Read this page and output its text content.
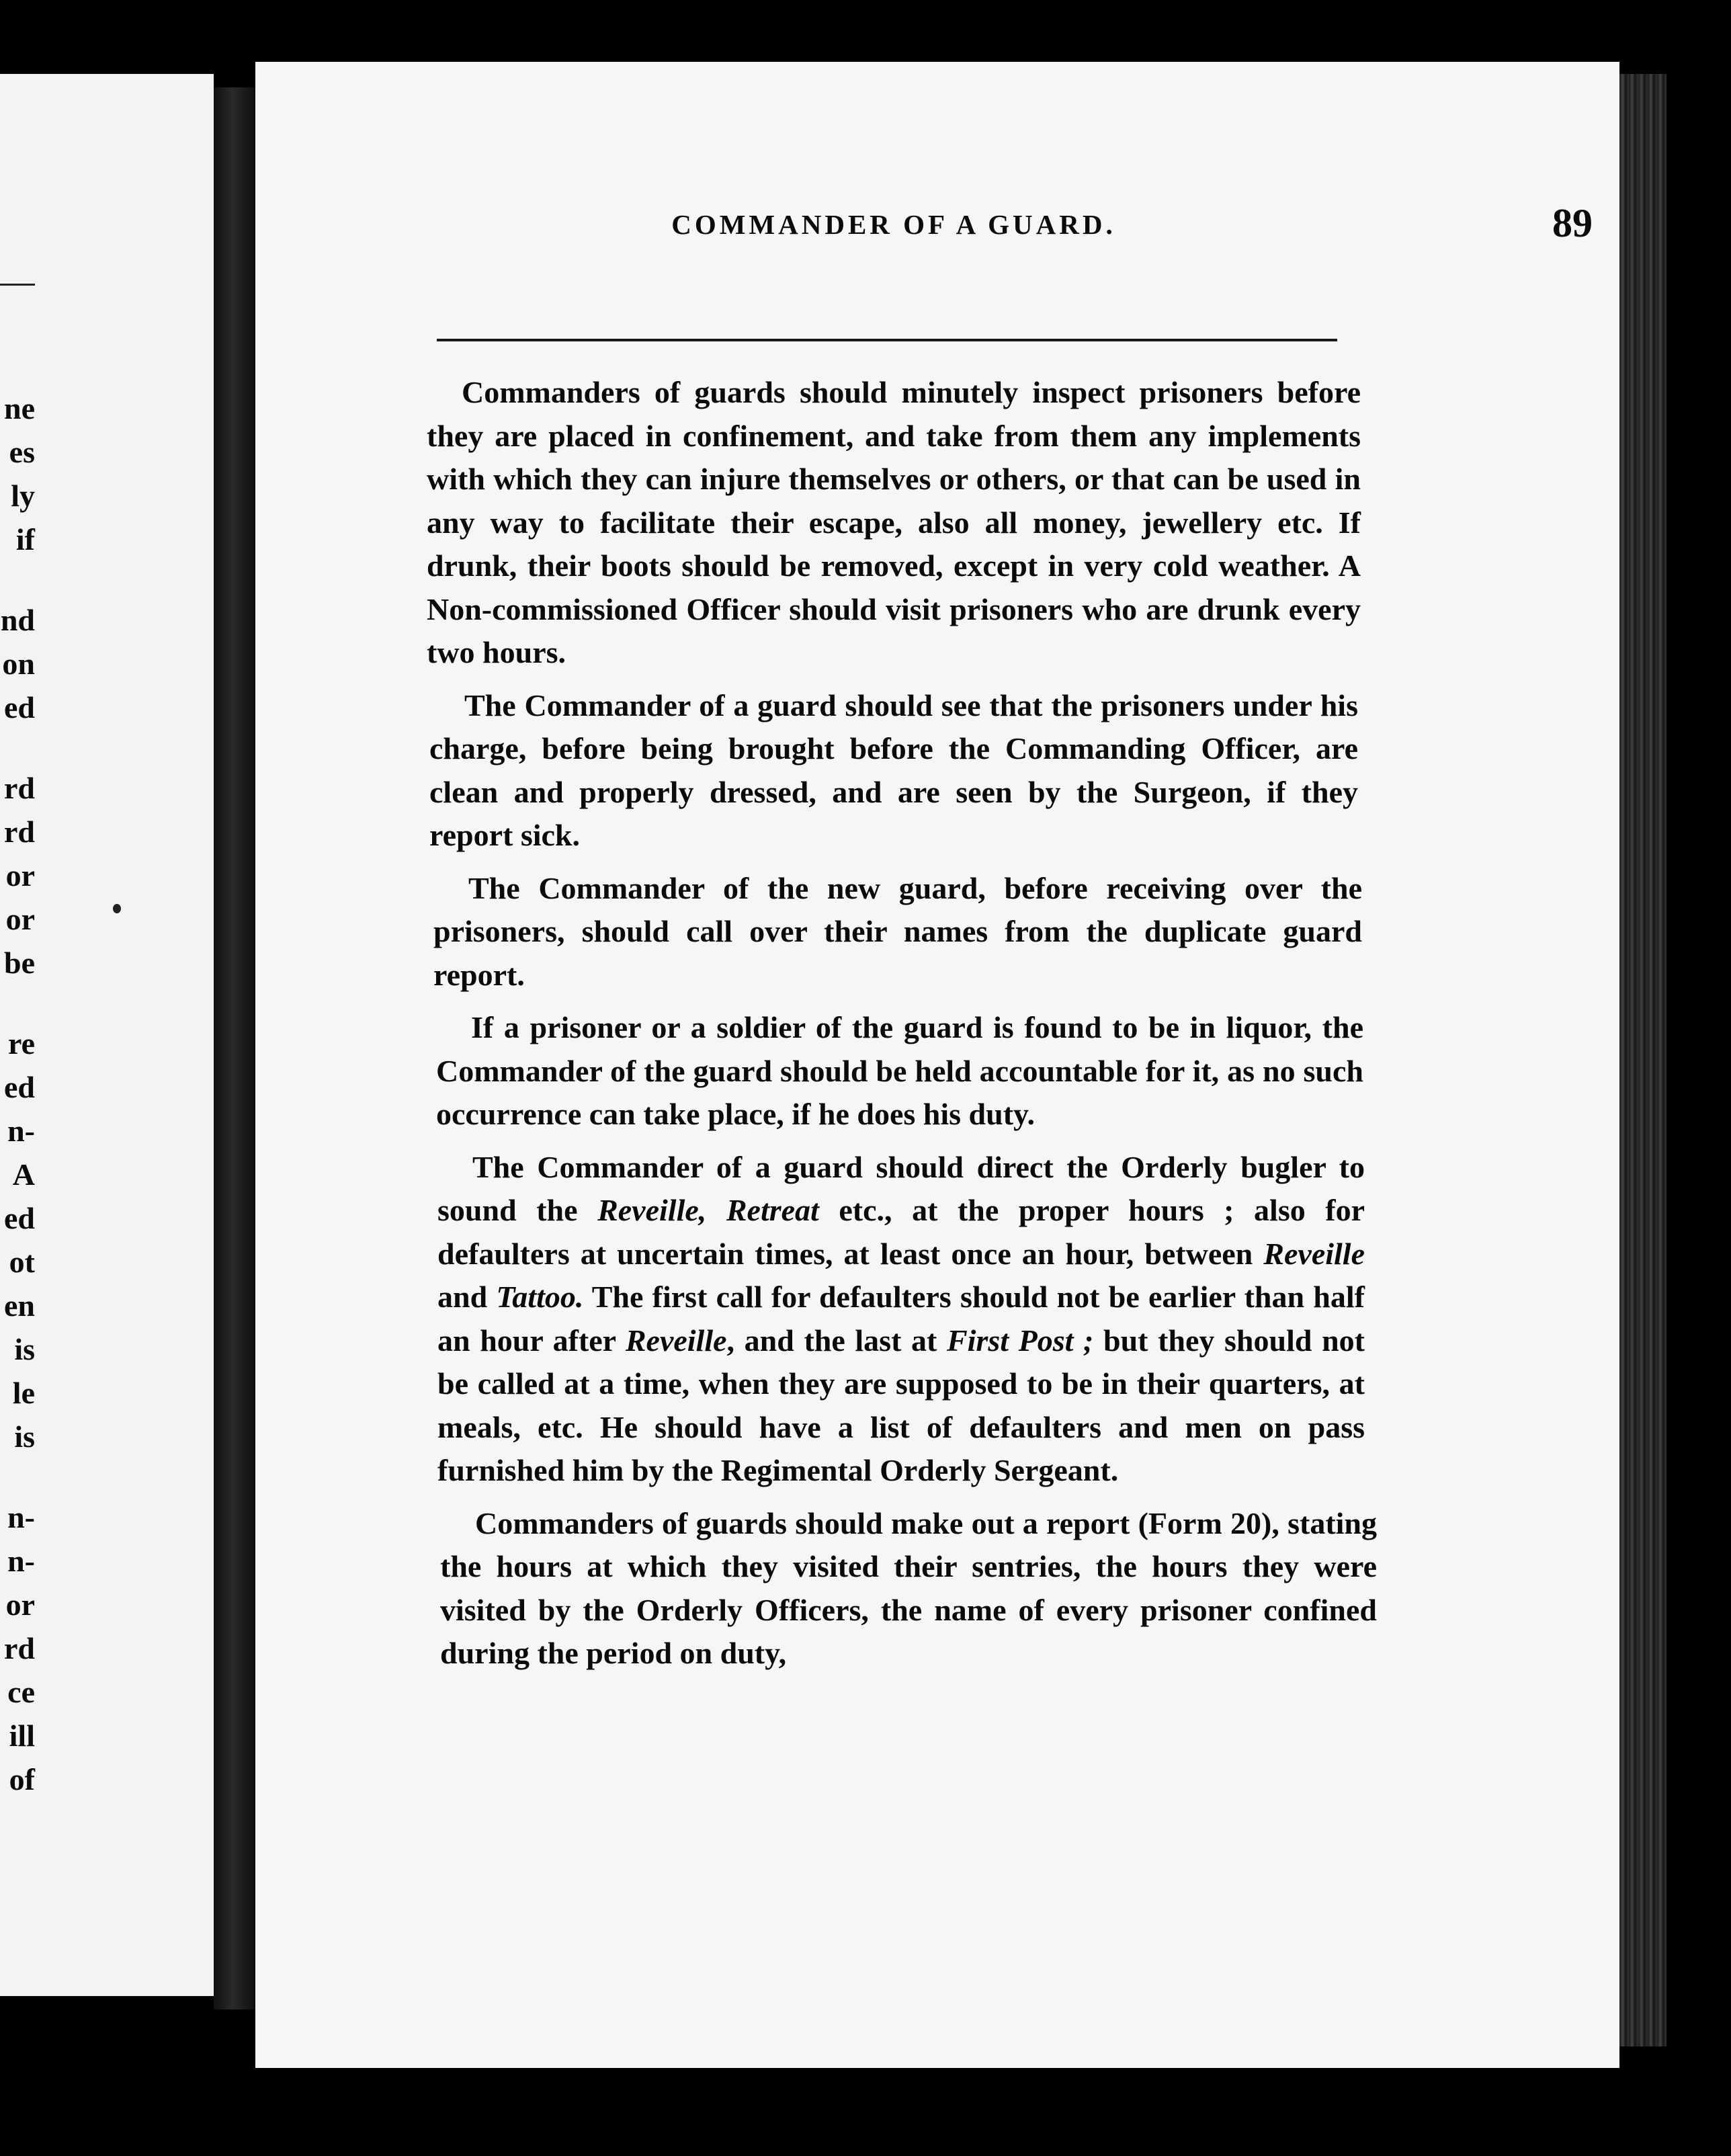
ne
es
ly
if
nd
on
ed
rd
rd
or
or
be
re
ed
n-
A
ed
ot
en
is
le
is
n-
n-
or
rd
ce
ill
of
COMMANDER OF A GUARD.	89

Commanders of guards should minutely inspect prisoners before they are placed in confinement, and take from them any implements with which they can injure themselves or others, or that can be used in any way to facilitate their escape, also all money, jewellery etc. If drunk, their boots should be removed, except in very cold weather. A Non-commissioned Officer should visit prisoners who are drunk every two hours.

The Commander of a guard should see that the prisoners under his charge, before being brought before the Commanding Officer, are clean and properly dressed, and are seen by the Surgeon, if they report sick.

The Commander of the new guard, before receiving over the prisoners, should call over their names from the duplicate guard report.

If a prisoner or a soldier of the guard is found to be in liquor, the Commander of the guard should be held accountable for it, as no such occurrence can take place, if he does his duty.

The Commander of a guard should direct the Orderly bugler to sound the Reveille, Retreat etc., at the proper hours ; also for defaulters at uncertain times, at least once an hour, between Reveille and Tattoo. The first call for defaulters should not be earlier than half an hour after Reveille, and the last at First Post ; but they should not be called at a time, when they are supposed to be in their quarters, at meals, etc. He should have a list of defaulters and men on pass furnished him by the Regimental Orderly Sergeant.

Commanders of guards should make out a report (Form 20), stating the hours at which they visited their sentries, the hours they were visited by the Orderly Officers, the name of every prisoner confined during the period on duty,
